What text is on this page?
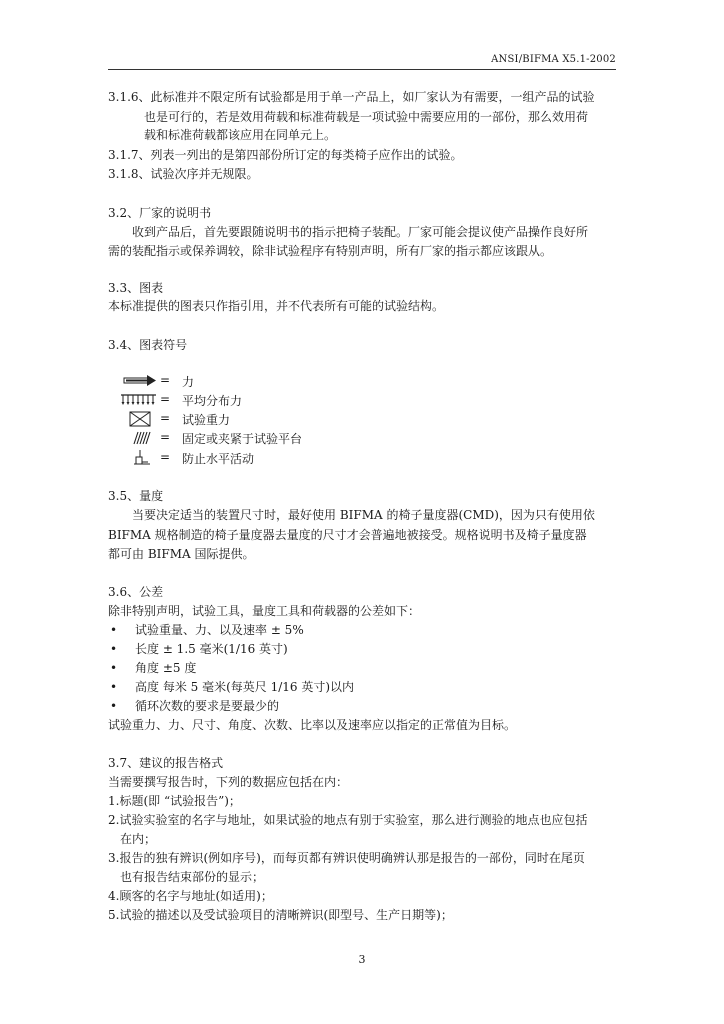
ANSI/BIFMA X5.1-2002
3.1.6、此标准并不限定所有试验都是用于单一产品上，如厂家认为有需要，一组产品的试验
也是可行的，若是效用荷载和标准荷载是一项试验中需要应用的一部份，那么效用荷
载和标准荷载都该应用在同单元上。
3.1.7、列表一列出的是第四部份所订定的每类椅子应作出的试验。
3.1.8、试验次序并无规限。
3.2、厂家的说明书
收到产品后，首先要跟随说明书的指示把椅子装配。厂家可能会提议使产品操作良好所
需的装配指示或保养调较，除非试验程序有特别声明，所有厂家的指示都应该跟从。
3.3、图表
本标准提供的图表只作指引用，并不代表所有可能的试验结构。
3.4、图表符号
= 力
= 平均分布力
= 试验重力
= 固定或夹紧于试验平台
= 防止水平活动
3.5、量度
当要决定适当的装置尺寸时，最好使用 BIFMA 的椅子量度器(CMD)，因为只有使用依
BIFMA 规格制造的椅子量度器去量度的尺寸才会普遍地被接受。规格说明书及椅子量度器
都可由 BIFMA 国际提供。
3.6、公差
除非特别声明，试验工具，量度工具和荷载器的公差如下：
• 试验重量、力、以及速率 ± 5%
• 长度 ± 1.5 毫米(1/16 英寸)
• 角度 ±5 度
• 高度 每米 5 毫米(每英尺 1/16 英寸)以内
• 循环次数的要求是要最少的
试验重力、力、尺寸、角度、次数、比率以及速率应以指定的正常值为目标。
3.7、建议的报告格式
当需要撰写报告时，下列的数据应包括在内：
1.标题(即 “试验报告”)；
2.试验实验室的名字与地址，如果试验的地点有别于实验室，那么进行测验的地点也应包括
在内；
3.报告的独有辨识(例如序号)，而每页都有辨识使明确辨认那是报告的一部份，同时在尾页
也有报告结束部份的显示；
4.顾客的名字与地址(如适用)；
5.试验的描述以及受试验项目的清晰辨识(即型号、生产日期等)；
3
